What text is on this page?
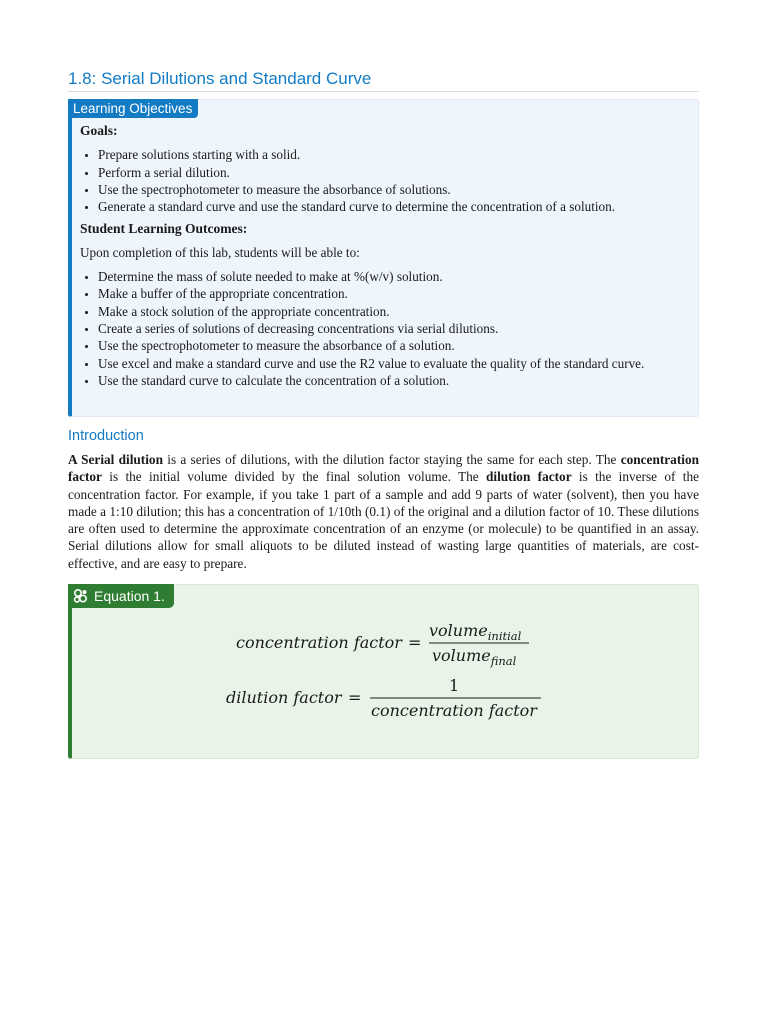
1.8: Serial Dilutions and Standard Curve
Learning Objectives
Goals:
• Prepare solutions starting with a solid.
• Perform a serial dilution.
• Use the spectrophotometer to measure the absorbance of solutions.
• Generate a standard curve and use the standard curve to determine the concentration of a solution.
Student Learning Outcomes:

Upon completion of this lab, students will be able to:

• Determine the mass of solute needed to make at %(w/v) solution.
• Make a buffer of the appropriate concentration.
• Make a stock solution of the appropriate concentration.
• Create a series of solutions of decreasing concentrations via serial dilutions.
• Use the spectrophotometer to measure the absorbance of a solution.
• Use excel and make a standard curve and use the R2 value to evaluate the quality of the standard curve.
• Use the standard curve to calculate the concentration of a solution.
Introduction
A Serial dilution is a series of dilutions, with the dilution factor staying the same for each step. The concentration factor is the initial volume divided by the final solution volume. The dilution factor is the inverse of the concentration factor. For example, if you take 1 part of a sample and add 9 parts of water (solvent), then you have made a 1:10 dilution; this has a concentration of 1/10th (0.1) of the original and a dilution factor of 10. These dilutions are often used to determine the approximate concentration of an enzyme (or molecule) to be quantified in an assay. Serial dilutions allow for small aliquots to be diluted instead of wasting large quantities of materials, are cost-effective, and are easy to prepare.
Equation 1.
concentration factor =
volume$_{initial}$
volume$_{final}$
dilution factor =
1
concentration factor
